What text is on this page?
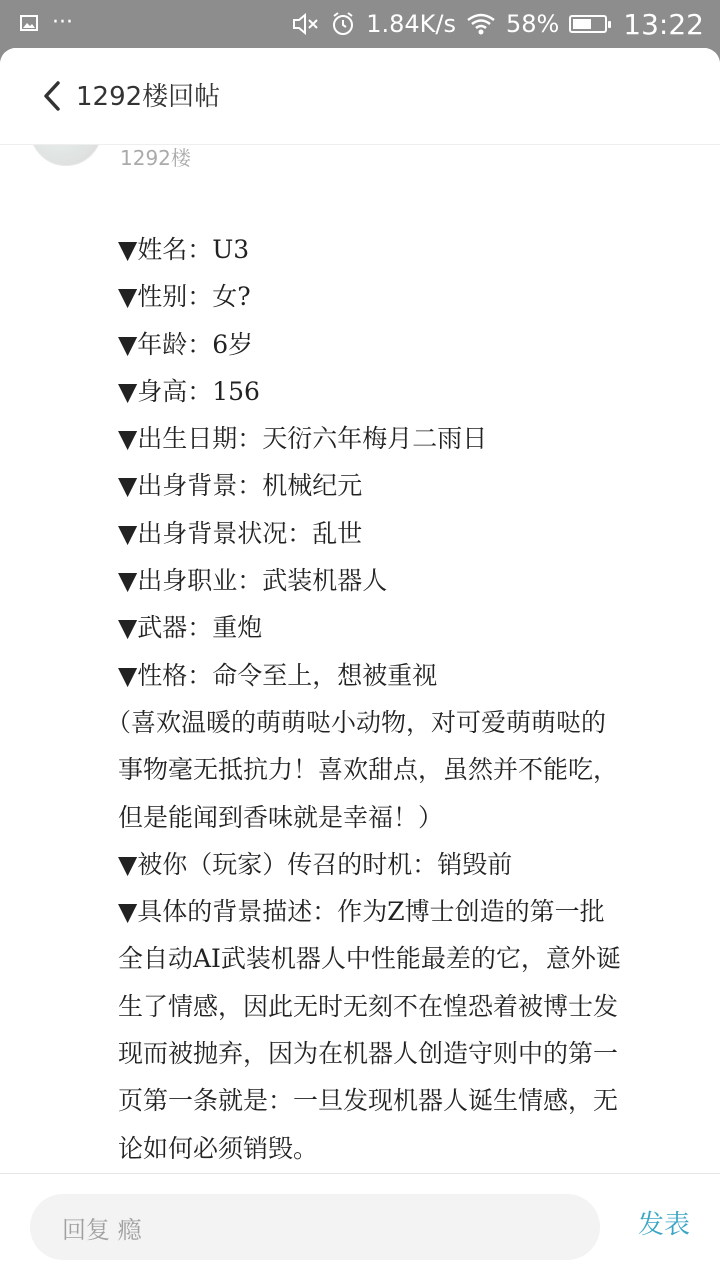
···	1.84K/s 58% 13:22
1292楼回帖
1292楼
▼姓名：U3
▼性别：女?
▼年龄：6岁
▼身高：156
▼出生日期：天衍六年梅月二雨日
▼出身背景：机械纪元
▼出身背景状况：乱世
▼出身职业：武装机器人
▼武器：重炮
▼性格：命令至上，想被重视
（喜欢温暖的萌萌哒小动物，对可爱萌萌哒的
事物毫无抵抗力！喜欢甜点，虽然并不能吃，
但是能闻到香味就是幸福！）
▼被你（玩家）传召的时机：销毁前
▼具体的背景描述：作为Z博士创造的第一批
全自动AI武装机器人中性能最差的它，意外诞
生了情感，因此无时无刻不在惶恐着被博士发
现而被抛弃，因为在机器人创造守则中的第一
页第一条就是：一旦发现机器人诞生情感，无
论如何必须销毁。
回复 瘾	发表
